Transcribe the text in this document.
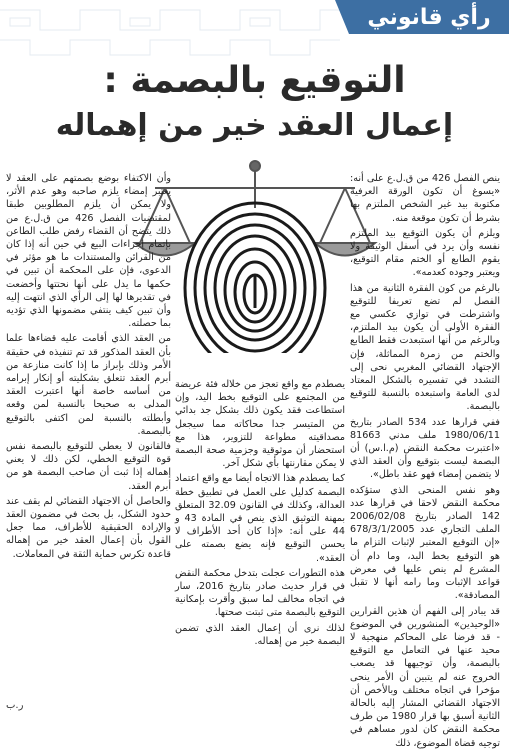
رأي قانوني
التوقيع بالبصمة :
إعمال العقد خير من إهماله

ينص الفصل 426 من ق.ل.ع على أنه: «يسوغ أن تكون الورقة العرفية مكتوبة بيد غير الشخص الملتزم بها بشرط أن تكون موقعة منه.

ويلزم أن يكون التوقيع بيد الملتزم نفسه وأن يرد في أسفل الوثيقة ولا يقوم الطابع أو الختم مقام التوقيع، ويعتبر وجوده كعدمه».

بالرغم من كون الفقرة الثانية من هذا الفصل لم تضع تعريفا للتوقيع واشترطت في توازي عكسي مع الفقرة الأولى أن يكون بيد الملتزم، وبالرغم من أنها استبعدت فقط الطابع والختم من زمرة المماثلة، فإن الإجتهاد القضائي المغربي نحى إلى التشدد في تفسيره بالشكل المعتاد لدى العامة واستبعده بالنسبة للتوقيع بالبصمة.

ففي قرارها عدد 534 الصادر بتاريخ 1980/06/11 ملف مدني 81663 «اعتبرت محكمة النقض (م.ا.س) أن البصمة ليست بتوقيع وأن العقد الذي لا يتضمن إمضاء فهو عقد باطل».

وهو نفس المنحى الذي ستؤكده محكمة النقض لاحقا في قرارها عدد 142 الصادر بتاريخ 2006/02/08 الملف التجاري عدد 678/3/1/2005 «إن التوقيع المعتبر لإثبات التزام ما هو التوقيع بخط اليد، وما دام أن المشرع لم ينص عليها في معرض قواعد الإثبات وما رامه أنها لا تقبل المصادقة».

قد يبادر إلى الفهم أن هذين القرارين «الوحيدين» المنشورين في الموضوع - قد فرضا على المحاكم منهجية لا محيد عنها في التعامل مع التوقيع بالبصمة، وأن توجيهها قد يصعب الخروج عنه لم يتبين أن الأمر ينحى مؤخرا في اتجاه مختلف وبالأخص أن الاجتهاد القضائي المشار إليه بالحالة الثانية أسبق بها قرار 1980 من طرف محكمة النقض كان لدور مساهم في توجيه قضاة الموضوع، ذلك

يصطدم مع واقع تعجز من خلاله فئة عريضة من المجتمع على التوقيع بخط اليد، وإن استطاعت فقد يكون ذلك بشكل جد بدائي من المتيسر جدا محاكاته مما سيجعل مصداقيته مطواعة للتزوير، هذا مع استحضار أن موثوقية وجزمية صحة البصمة لا يمكن مقارنتها بأي شكل آخر.

كما يصطدم هذا الاتجاه أيضا مع واقع اعتماد البصمة كدليل على العمل في تطبيق خطة العدالة، وكذلك في القانون 32.09 المتعلق بمهنة التوثيق الذي ينص في المادة 43 و 44 على أنه: «إذا كان أحد الأطراف لا يحسن التوقيع فإنه يضع بصمته على العقد».

هذه التطورات عجلت بتدخل محكمة النقض في قرار حديث صادر بتاريخ 2016، سار في اتجاه مخالف لما سبق وأقرت بإمكانية التوقيع بالبصمة متى ثبتت صحتها.

لذلك نرى أن إعمال العقد الذي تضمن البصمة خير من إهماله.

وأن الاكتفاء بوضع بصمتهم على العقد لا يعتبر إمضاء يلزم صاحبه وهو عدم الأثر، ولا يمكن أن يلزم المطلوبين طبقا لمقتضيات الفصل 426 من ق.ل.ع من ذلك يتضح أن القضاء رفض طلب الطاعن بإتمام إجراءات البيع في حين أنه إذا كان من القرائن والمستندات ما هو مؤثر في الدعوى، فإن على المحكمة أن تبين في حكمها ما يدل على أنها نحتتها وأخضعت في تقديرها لها إلى الرأي الذي انتهت إليه وأن تبين كيف ينتفي مضمونها الذي تؤديه بما حصلته.

من العقد الذي أقامت عليه قضاءها علما بأن العقد المذكور قد تم تنفيذه في حقيقة الأمر وذلك بإبراز ما إذا كانت منازعة من أبرم العقد تتعلق بشكليته أو إنكار إبرامه من أساسه خاصة أنها اعتبرت العقد المدلى به صحيحا بالنسبة لمن وقعه وأبطلته بالنسبة لمن اكتفى بالتوقيع بالبصمة.

فالقانون لا يعطي للتوقيع بالبصمة نفس قوة التوقيع الخطي، لكن ذلك لا يعني إهماله إذا ثبت أن صاحب البصمة هو من أبرم العقد.

والحاصل أن الاجتهاد القضائي لم يقف عند حدود الشكل، بل بحث في مضمون العقد والإرادة الحقيقية للأطراف، مما جعل القول بأن إعمال العقد خير من إهماله قاعدة تكرس حماية الثقة في المعاملات.

ر.ب
